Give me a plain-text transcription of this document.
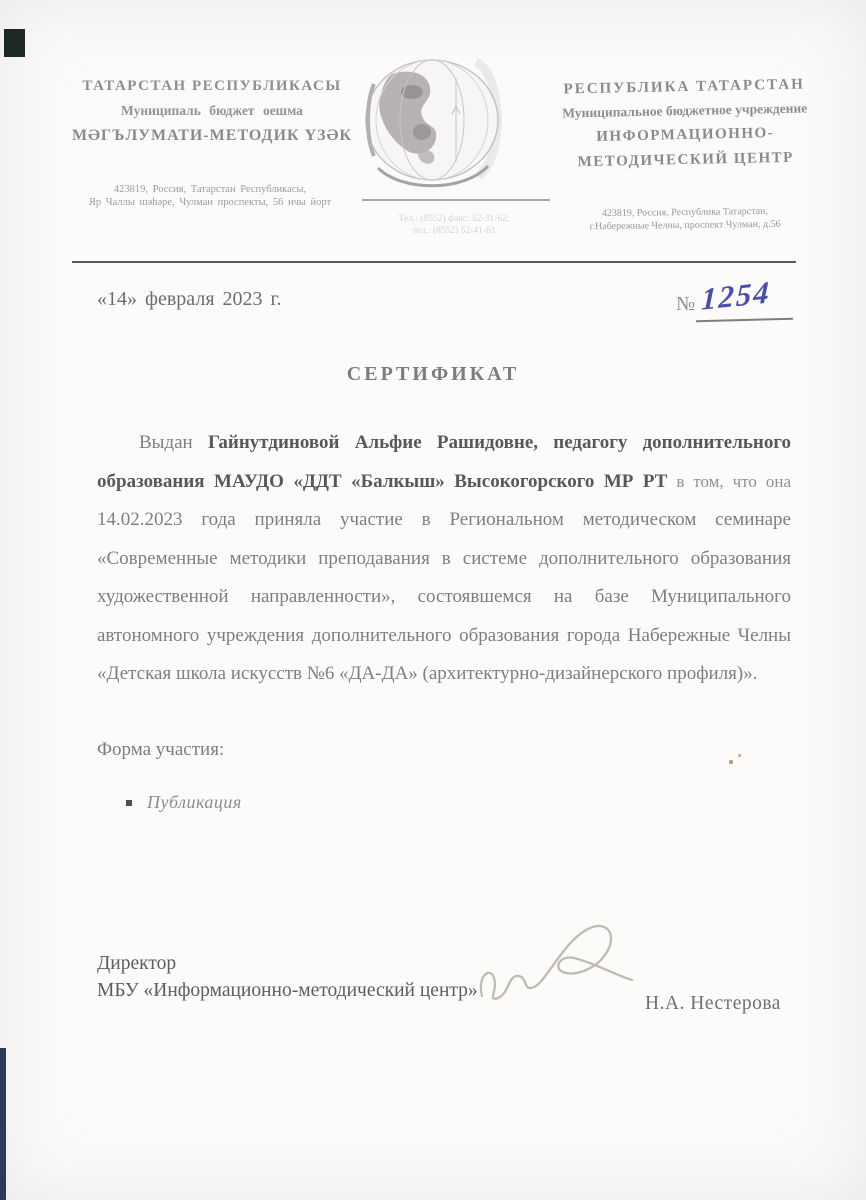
ТАТАРСТАН РЕСПУБЛИКАСЫ
Муниципаль бюджет оешма
МӘГЪЛУМАТИ-МЕТОДИК ҮЗӘК
423819, Россия, Татарстан Республикасы,
Яр Чаллы шәһәре, Чулман проспекты, 56 нчы йорт
Тел.: (8552) факс: 52-31-62;
тел.: (8552) 52-41-61
РЕСПУБЛИКА ТАТАРСТАН
Муниципальное бюджетное учреждение
ИНФОРМАЦИОННО-
МЕТОДИЧЕСКИЙ ЦЕНТР
423819, Россия, Республика Татарстан,
г.Набережные Челны, проспект Чулман, д.56
«14» февраля 2023 г.	№ 1254
СЕРТИФИКАТ

Выдан Гайнутдиновой Альфие Рашидовне, педагогу дополнительного образования МАУДО «ДДТ «Балкыш» Высокогорского МР РТ в том, что она 14.02.2023 года приняла участие в Региональном методическом семинаре «Современные методики преподавания в системе дополнительного образования художественной направленности», состоявшемся на базе Муниципального автономного учреждения дополнительного образования города Набережные Челны «Детская школа искусств №6 «ДА-ДА» (архитектурно-дизайнерского профиля)».

Форма участия:
Публикация
Директор
МБУ «Информационно-методический центр»
Н.А. Нестерова
